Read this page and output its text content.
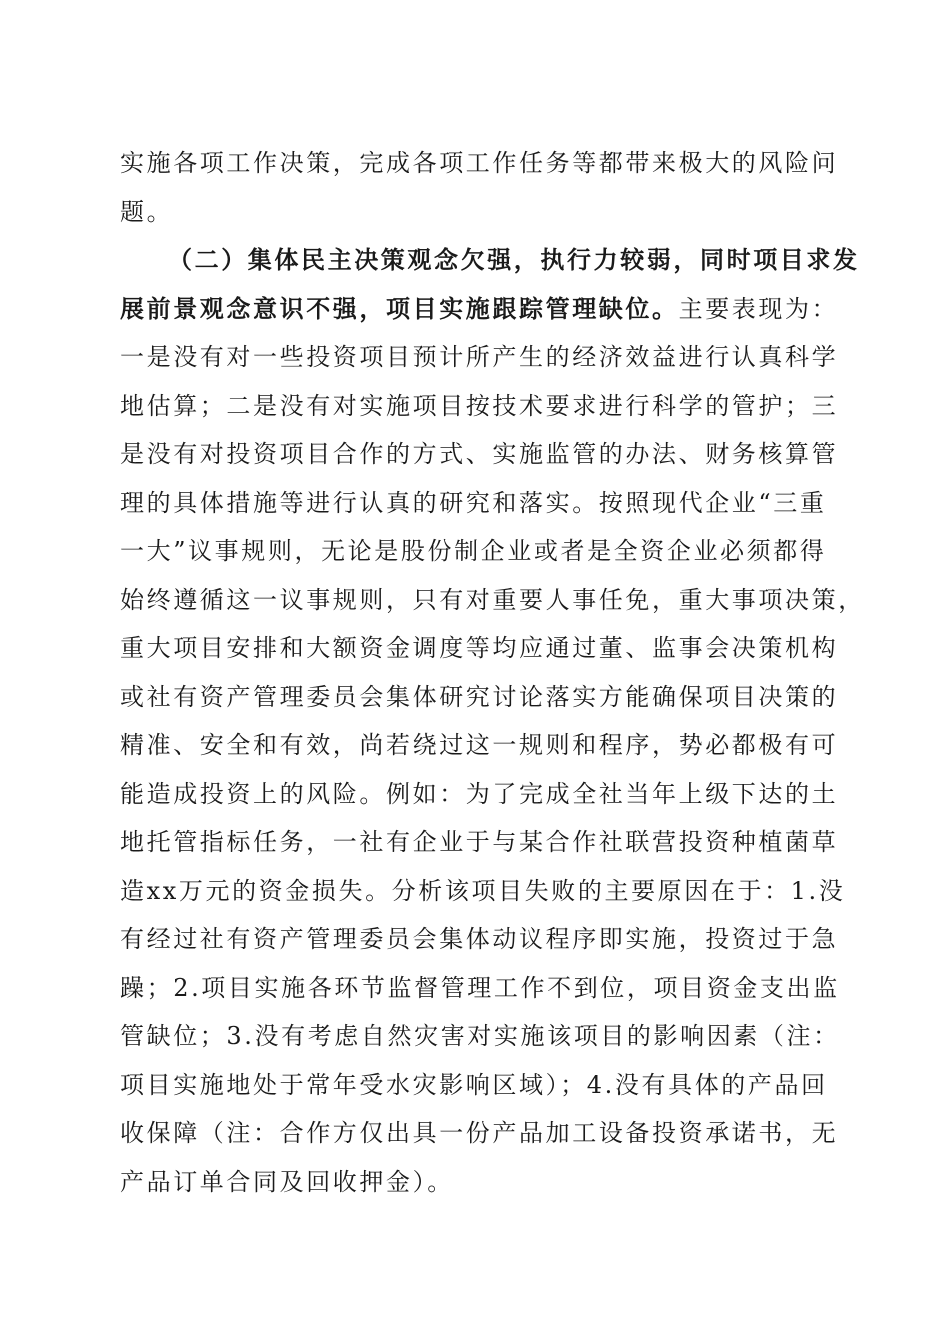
实施各项工作决策，完成各项工作任务等都带来极大的风险问
题。
（二）集体民主决策观念欠强，执行力较弱，同时项目求发
展前景观念意识不强，项目实施跟踪管理缺位。主要表现为：
一是没有对一些投资项目预计所产生的经济效益进行认真科学
地估算；二是没有对实施项目按技术要求进行科学的管护；三
是没有对投资项目合作的方式、实施监管的办法、财务核算管
理的具体措施等进行认真的研究和落实。按照现代企业“三重
一大”议事规则，无论是股份制企业或者是全资企业必须都得
始终遵循这一议事规则，只有对重要人事任免，重大事项决策，
重大项目安排和大额资金调度等均应通过董、监事会决策机构
或社有资产管理委员会集体研究讨论落实方能确保项目决策的
精准、安全和有效，尚若绕过这一规则和程序，势必都极有可
能造成投资上的风险。例如：为了完成全社当年上级下达的土
地托管指标任务，一社有企业于与某合作社联营投资种植菌草
造xx万元的资金损失。分析该项目失败的主要原因在于：1.没
有经过社有资产管理委员会集体动议程序即实施，投资过于急
躁；2.项目实施各环节监督管理工作不到位，项目资金支出监
管缺位；3.没有考虑自然灾害对实施该项目的影响因素（注：
项目实施地处于常年受水灾影响区域）；4.没有具体的产品回
收保障（注：合作方仅出具一份产品加工设备投资承诺书，无
产品订单合同及回收押金）。
